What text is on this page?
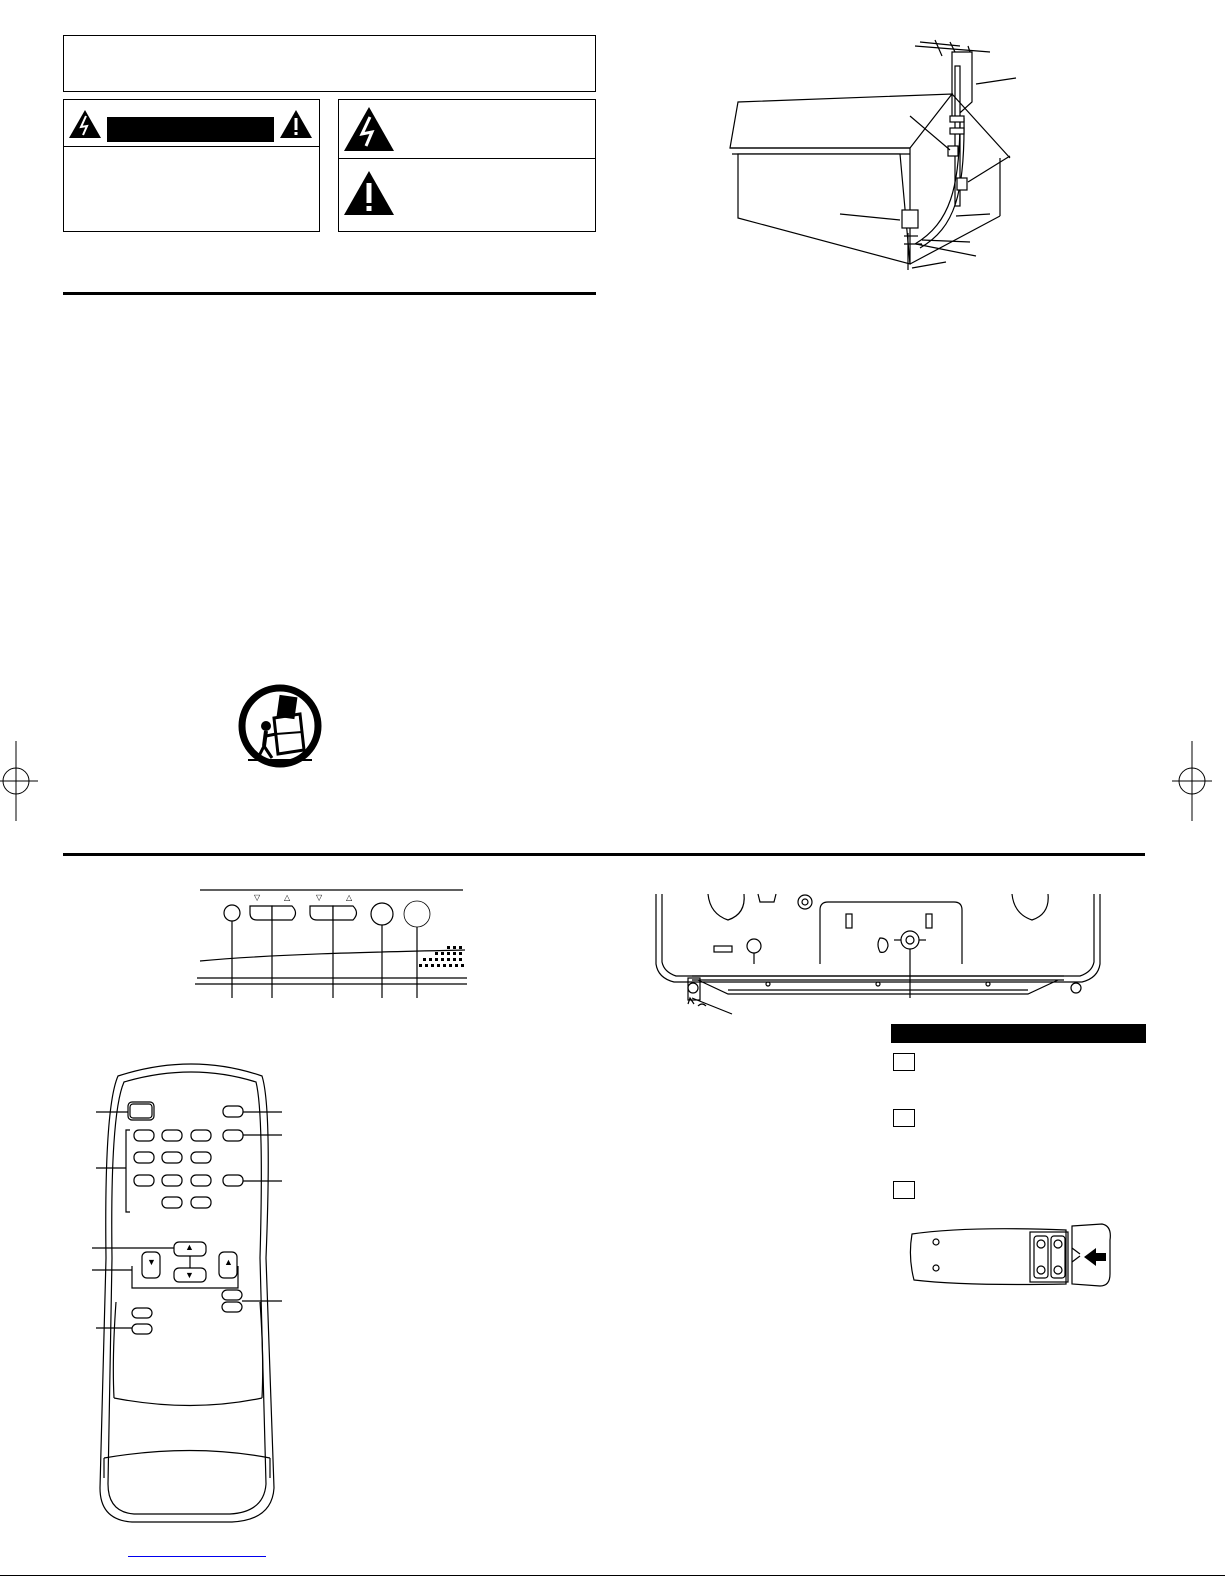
▽	△	▽	△
▲
▼
▼	▲
